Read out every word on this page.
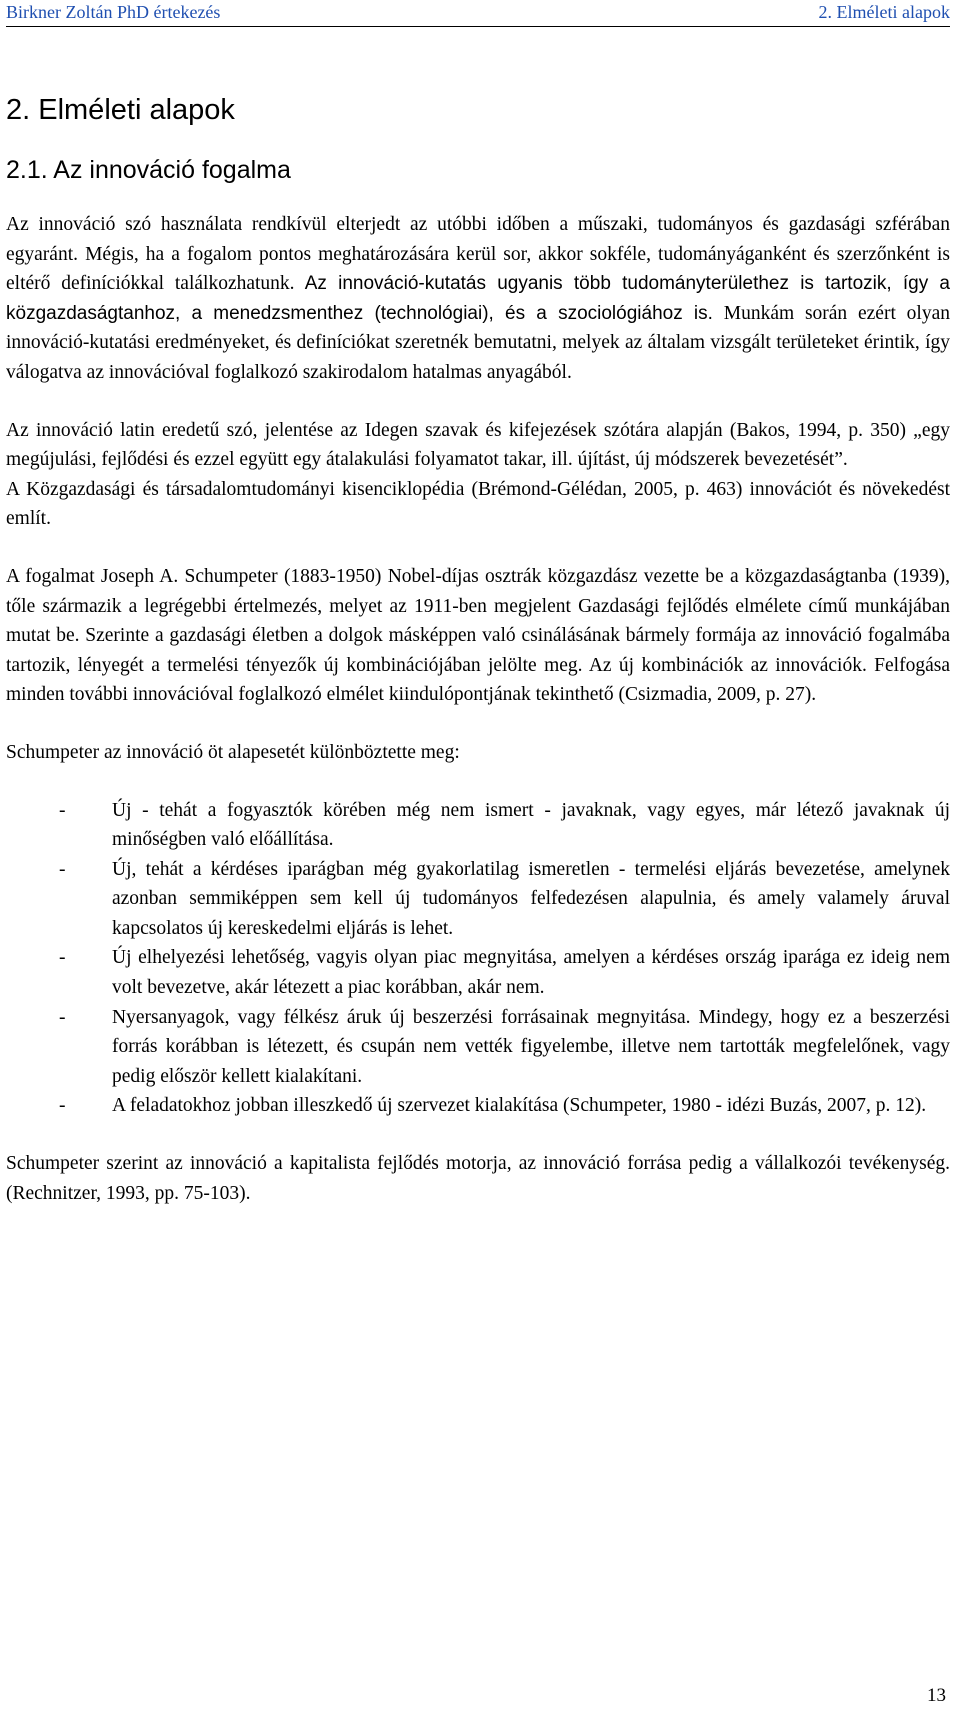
Birkner Zoltán PhD értekezés	2. Elméleti alapok
2. Elméleti alapok
2.1. Az innováció fogalma

Az innováció szó használata rendkívül elterjedt az utóbbi időben a műszaki, tudományos és gazdasági szférában egyaránt. Mégis, ha a fogalom pontos meghatározására kerül sor, akkor sokféle, tudományáganként és szerzőnként is eltérő definíciókkal találkozhatunk. Az innováció-kutatás ugyanis több tudományterülethez is tartozik, így a közgazdaságtanhoz, a menedzsmenthez (technológiai), és a szociológiához is. Munkám során ezért olyan innováció-kutatási eredményeket, és definíciókat szeretnék bemutatni, melyek az általam vizsgált területeket érintik, így válogatva az innovációval foglalkozó szakirodalom hatalmas anyagából.

Az innováció latin eredetű szó, jelentése az Idegen szavak és kifejezések szótára alapján (Bakos, 1994, p. 350) „egy megújulási, fejlődési és ezzel együtt egy átalakulási folyamatot takar, ill. újítást, új módszerek bevezetését”.

A Közgazdasági és társadalomtudományi kisenciklopédia (Brémond-Gélédan, 2005, p. 463) innovációt és növekedést említ.

A fogalmat Joseph A. Schumpeter (1883-1950) Nobel-díjas osztrák közgazdász vezette be a közgazdaságtanba (1939), tőle származik a legrégebbi értelmezés, melyet az 1911-ben megjelent Gazdasági fejlődés elmélete című munkájában mutat be. Szerinte a gazdasági életben a dolgok másképpen való csinálásának bármely formája az innováció fogalmába tartozik, lényegét a termelési tényezők új kombinációjában jelölte meg. Az új kombinációk az innovációk. Felfogása minden további innovációval foglalkozó elmélet kiindulópontjának tekinthető (Csizmadia, 2009, p. 27).

Schumpeter az innováció öt alapesetét különböztette meg:

- Új - tehát a fogyasztók körében még nem ismert - javaknak, vagy egyes, már létező javaknak új minőségben való előállítása.
- Új, tehát a kérdéses iparágban még gyakorlatilag ismeretlen - termelési eljárás bevezetése, amelynek azonban semmiképpen sem kell új tudományos felfedezésen alapulnia, és amely valamely áruval kapcsolatos új kereskedelmi eljárás is lehet.
- Új elhelyezési lehetőség, vagyis olyan piac megnyitása, amelyen a kérdéses ország iparága ez ideig nem volt bevezetve, akár létezett a piac korábban, akár nem.
- Nyersanyagok, vagy félkész áruk új beszerzési forrásainak megnyitása. Mindegy, hogy ez a beszerzési forrás korábban is létezett, és csupán nem vették figyelembe, illetve nem tartották megfelelőnek, vagy pedig először kellett kialakítani.
- A feladatokhoz jobban illeszkedő új szervezet kialakítása (Schumpeter, 1980 - idézi Buzás, 2007, p. 12).

Schumpeter szerint az innováció a kapitalista fejlődés motorja, az innováció forrása pedig a vállalkozói tevékenység. (Rechnitzer, 1993, pp. 75-103).

13
